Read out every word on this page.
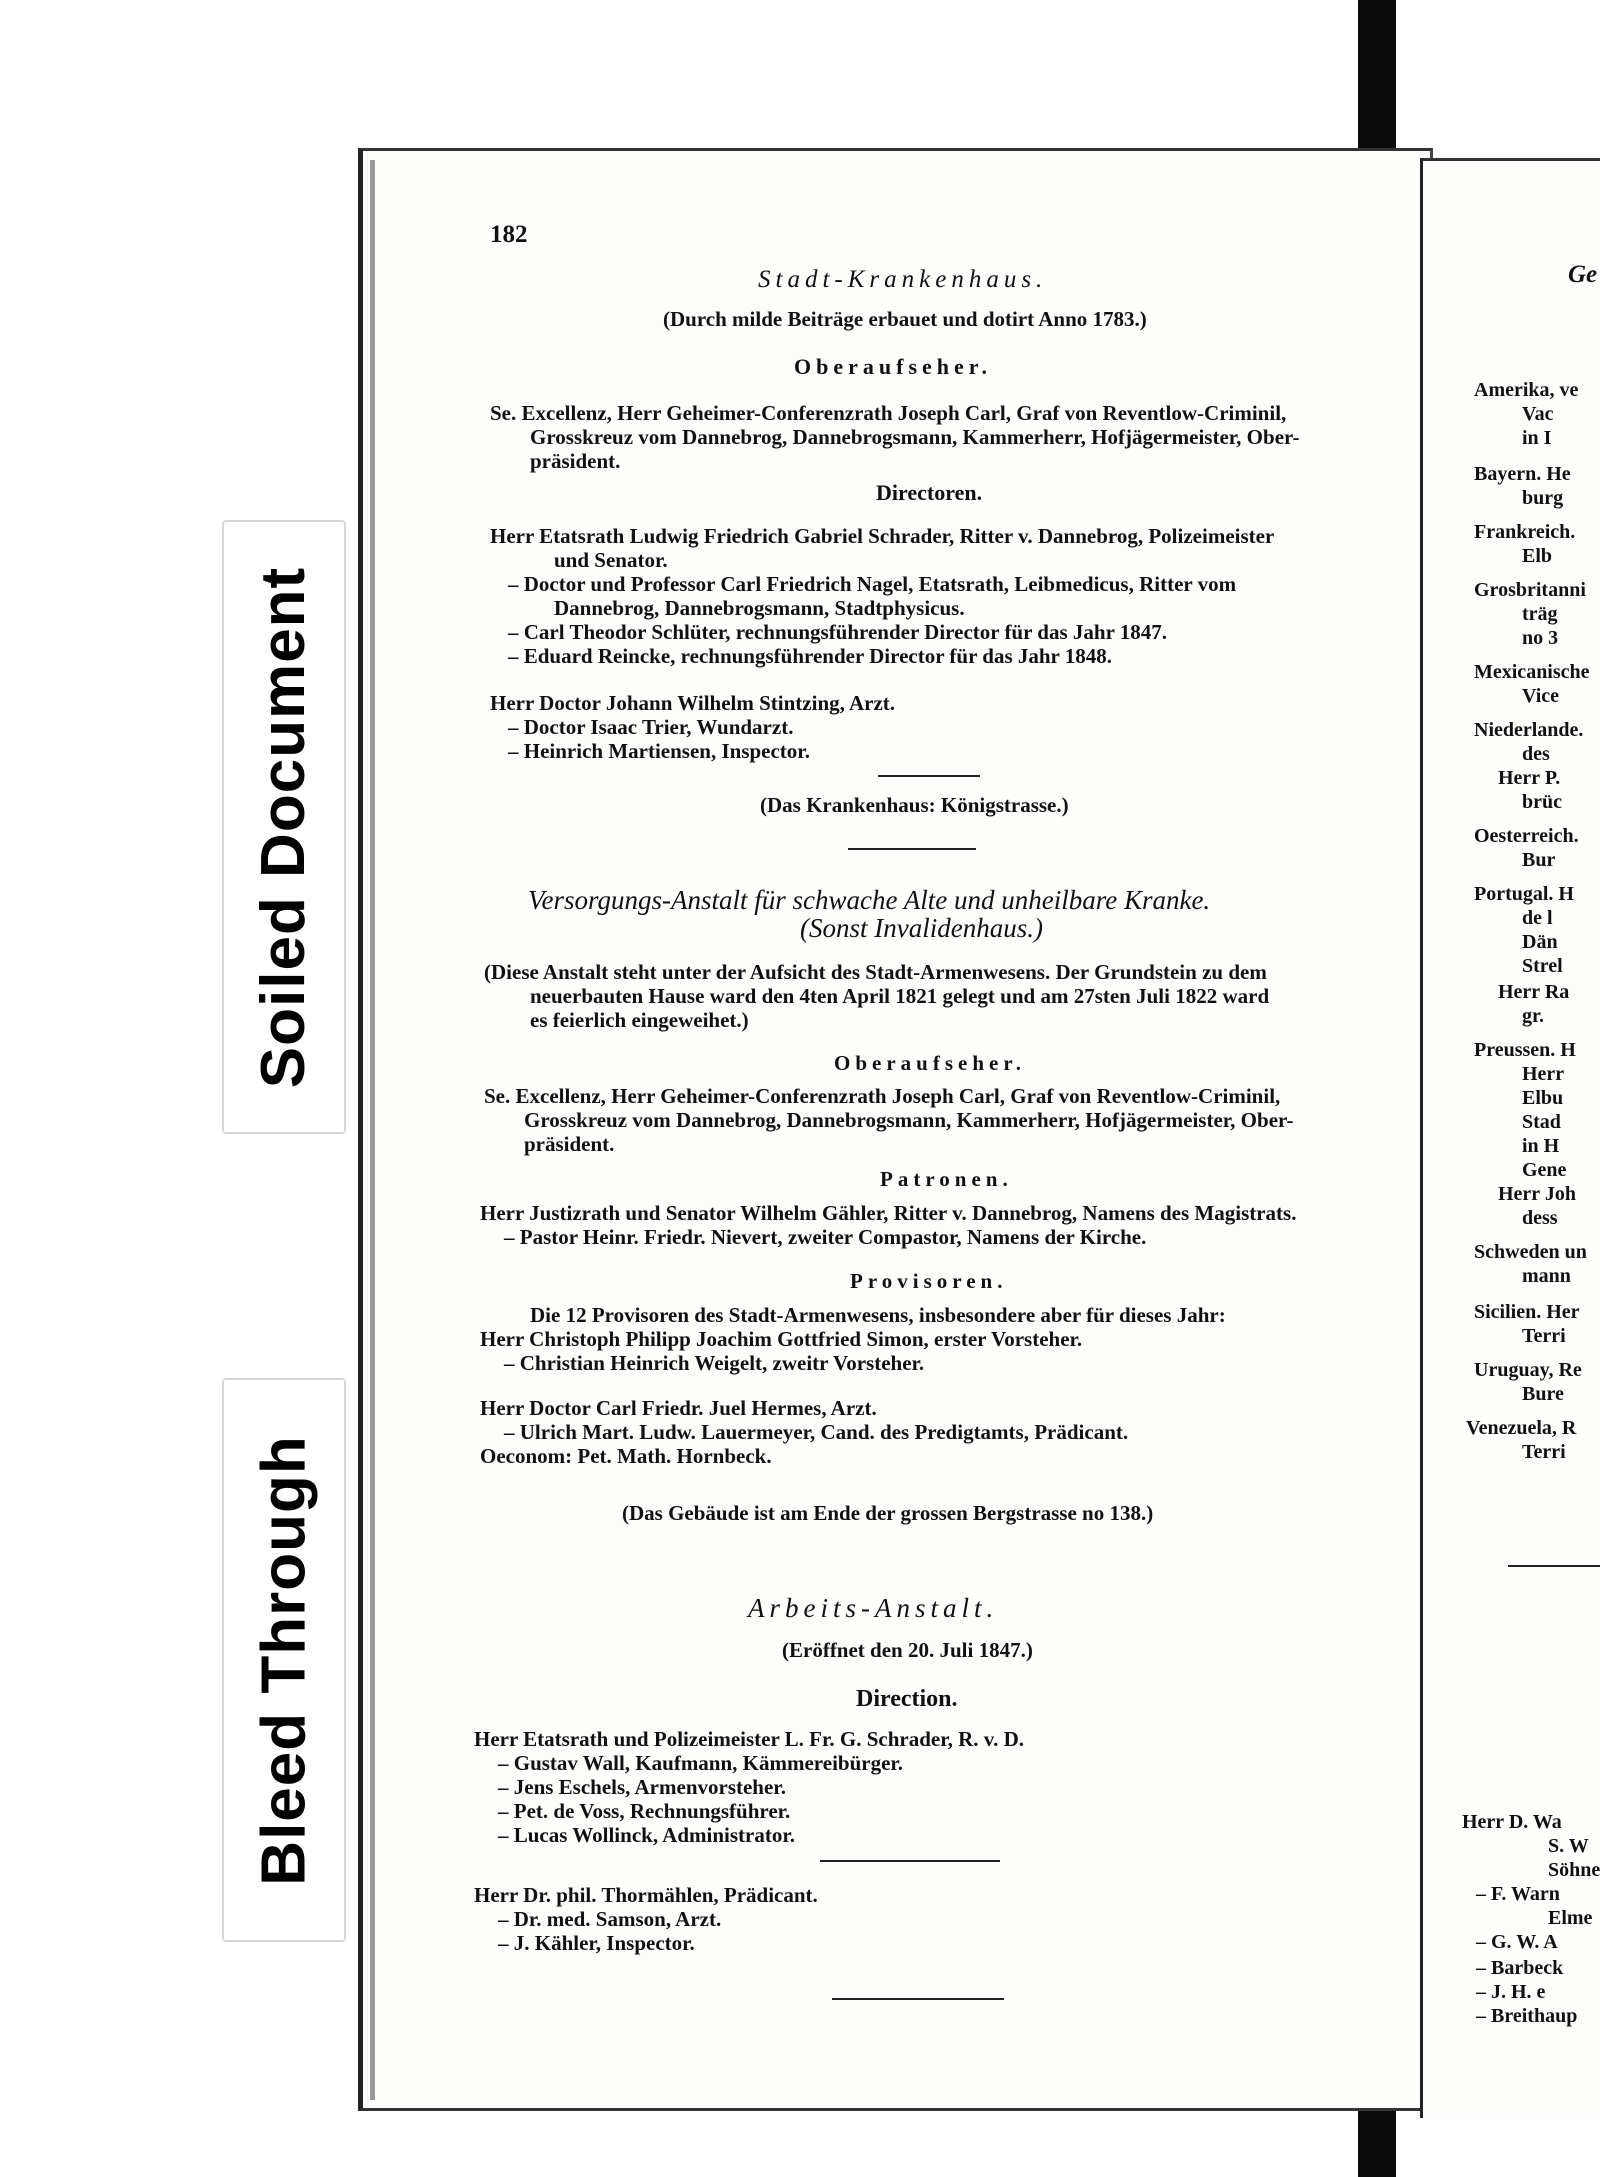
Soiled Document
Bleed Through
182
Stadt-Krankenhaus.
(Durch milde Beiträge erbauet und dotirt Anno 1783.)
Oberaufseher.
Se. Excellenz, Herr Geheimer-Conferenzrath Joseph Carl, Graf von Reventlow-Criminil,
Grosskreuz vom Dannebrog, Dannebrogsmann, Kammerherr, Hofjägermeister, Ober-
präsident.
Directoren.
Herr Etatsrath Ludwig Friedrich Gabriel Schrader, Ritter v. Dannebrog, Polizeimeister
und Senator.
– Doctor und Professor Carl Friedrich Nagel, Etatsrath, Leibmedicus, Ritter vom
Dannebrog, Dannebrogsmann, Stadtphysicus.
– Carl Theodor Schlüter, rechnungsführender Director für das Jahr 1847.
– Eduard Reincke, rechnungsführender Director für das Jahr 1848.
Herr Doctor Johann Wilhelm Stintzing, Arzt.
– Doctor Isaac Trier, Wundarzt.
– Heinrich Martiensen, Inspector.
(Das Krankenhaus: Königstrasse.)
Versorgungs-Anstalt für schwache Alte und unheilbare Kranke.
(Sonst Invalidenhaus.)
(Diese Anstalt steht unter der Aufsicht des Stadt-Armenwesens. Der Grundstein zu dem
neuerbauten Hause ward den 4ten April 1821 gelegt und am 27sten Juli 1822 ward
es feierlich eingeweihet.)
Oberaufseher.
Se. Excellenz, Herr Geheimer-Conferenzrath Joseph Carl, Graf von Reventlow-Criminil,
Grosskreuz vom Dannebrog, Dannebrogsmann, Kammerherr, Hofjägermeister, Ober-
präsident.
Patronen.
Herr Justizrath und Senator Wilhelm Gähler, Ritter v. Dannebrog, Namens des Magistrats.
– Pastor Heinr. Friedr. Nievert, zweiter Compastor, Namens der Kirche.
Provisoren.
Die 12 Provisoren des Stadt-Armenwesens, insbesondere aber für dieses Jahr:
Herr Christoph Philipp Joachim Gottfried Simon, erster Vorsteher.
– Christian Heinrich Weigelt, zweitr Vorsteher.
Herr Doctor Carl Friedr. Juel Hermes, Arzt.
– Ulrich Mart. Ludw. Lauermeyer, Cand. des Predigtamts, Prädicant.
Oeconom: Pet. Math. Hornbeck.
(Das Gebäude ist am Ende der grossen Bergstrasse no 138.)
Arbeits-Anstalt.
(Eröffnet den 20. Juli 1847.)
Direction.
Herr Etatsrath und Polizeimeister L. Fr. G. Schrader, R. v. D.
– Gustav Wall, Kaufmann, Kämmereibürger.
– Jens Eschels, Armenvorsteher.
– Pet. de Voss, Rechnungsführer.
– Lucas Wollinck, Administrator.
Herr Dr. phil. Thormählen, Prädicant.
– Dr. med. Samson, Arzt.
– J. Kähler, Inspector.
Ge
Amerika, ve
Vac
in I
Bayern. He
burg
Frankreich.
Elb
Grosbritanni
träg
no 3
Mexicanische
Vice
Niederlande.
des
Herr P.
brüc
Oesterreich.
Bur
Portugal. H
de l
Dän
Strel
Herr Ra
gr.
Preussen. H
Herr
Elbu
Stad
in H
Gene
Herr Joh
dess
Schweden un
mann
Sicilien. Her
Terri
Uruguay, Re
Bure
Venezuela, R
Terri
Herr D. Wa
S. W
Söhne
– F. Warn
Elme
– G. W. A
– Barbeck
– J. H. e
– Breithaup
